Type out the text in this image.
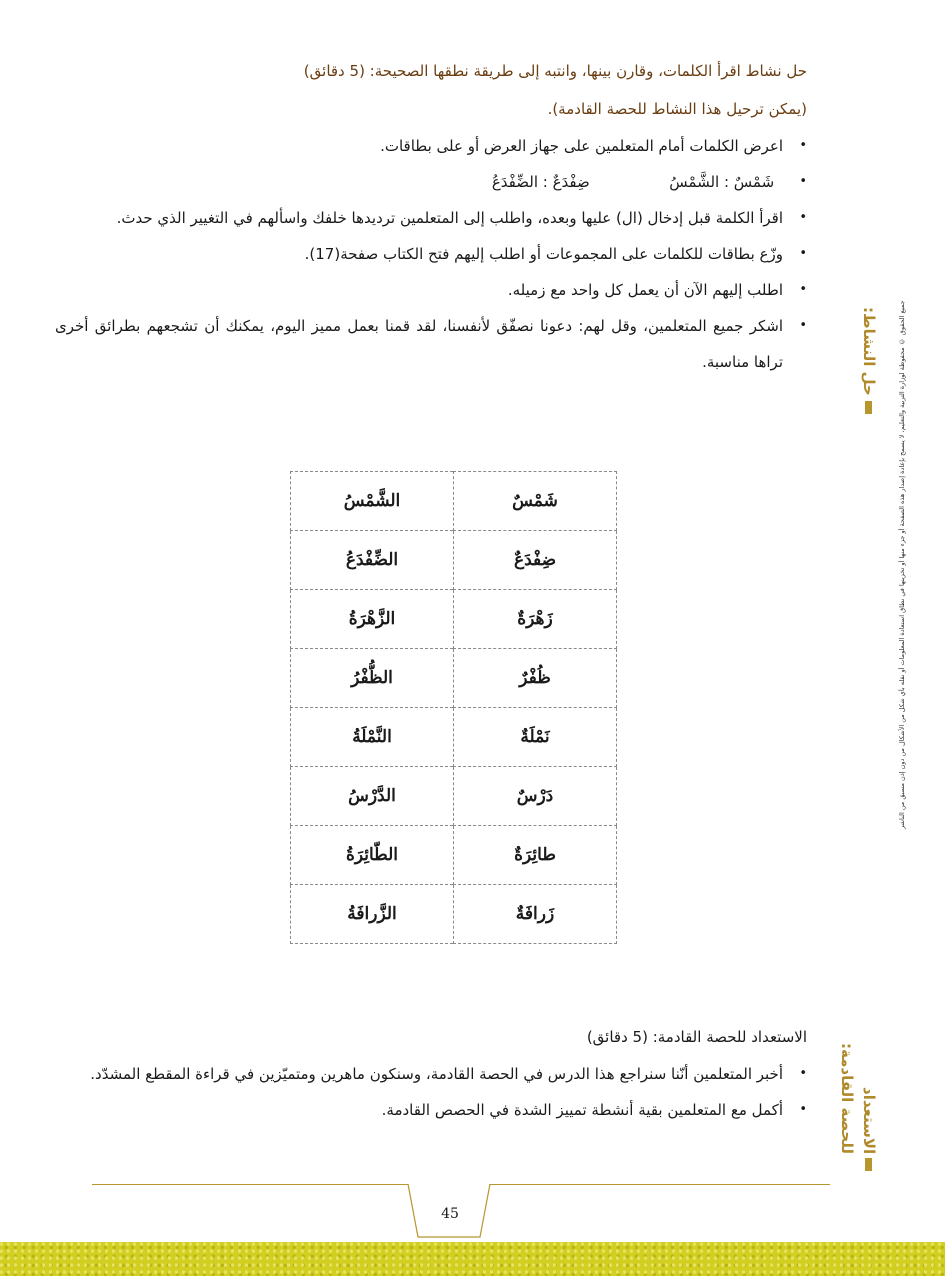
جميع الحقوق © محفوظة لوزارة التربية والتعليم، لا يسمح بإعادة إصدار هذه الصفحة أو جزء منها أو تخزينها في نطاق استعادة المعلومات أو نقله بأي شكل من الأشكال من دون إذن مسبق من الناشر
حل نشاط اقرأ الكلمات، وقارن بينها، وانتبه إلى طريقة نطقها الصحيحة: (5 دقائق)
(يمكن ترحيل هذا النشاط للحصة القادمة).
• اعرض الكلمات أمام المتعلمين على جهاز العرض أو على بطاقات.
• شَمْسٌ : الشَّمْسُ  ضِفْدَعٌ : الضِّفْدَعُ
• اقرأ الكلمة قبل إدخال (ال) عليها وبعده، واطلب إلى المتعلمين ترديدها خلفك واسألهم في التغيير الذي حدث.
• وزّع بطاقات للكلمات على المجموعات أو اطلب إليهم فتح الكتاب صفحة(17).
• اطلب إليهم الآن أن يعمل كل واحد مع زميله.
• اشكر جميع المتعلمين، وقل لهم: دعونا نصفّق لأنفسنا، لقد قمنا بعمل مميز اليوم، يمكنك أن تشجعهم بطرائق أخرى تراها مناسبة.
شَمْسٌ	الشَّمْسُ
ضِفْدَعٌ	الضِّفْدَعُ
زَهْرَةٌ	الزَّهْرَةُ
ظُفْرٌ	الظُّفْرُ
نَمْلَةٌ	النَّمْلَةُ
دَرْسٌ	الدَّرْسُ
طائِرَةٌ	الطّائِرَةُ
زَرافَةٌ	الزَّرافَةُ
الاستعداد للحصة القادمة: (5 دقائق)
• أخبر المتعلمين أنّنا سنراجع هذا الدرس في الحصة القادمة، وسنكون ماهرين ومتميّزين في قراءة المقطع المشدّد.
• أكمل مع المتعلمين بقية أنشطة تمييز الشدة في الحصص القادمة.
حل النشاط:
الاستعداد
للحصة القادمة:
45
